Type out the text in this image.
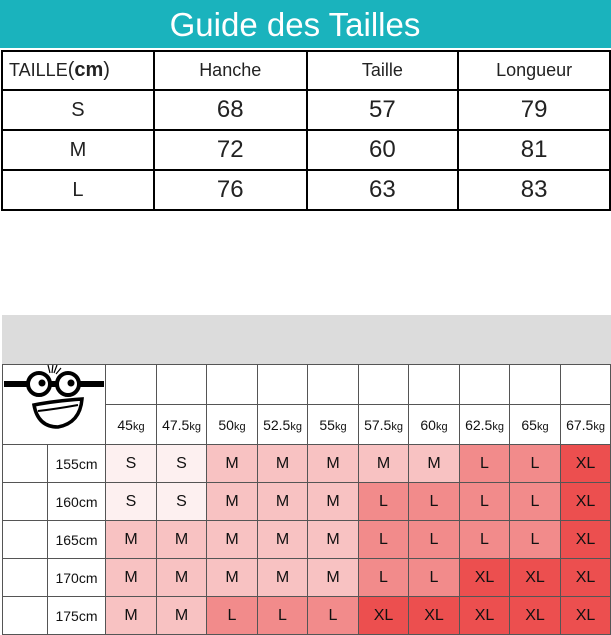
Guide des Tailles
TAILLE(cm)	Hanche	Taille	Longueur
S	68	57	79
M	72	60	81
L	76	63	83

		45kg	47.5kg	50kg	52.5kg	55kg	57.5kg	60kg	62.5kg	65kg	67.5kg
	155cm	S	S	M	M	M	M	M	L	L	XL
	160cm	S	S	M	M	M	L	L	L	L	XL
	165cm	M	M	M	M	M	L	L	L	L	XL
	170cm	M	M	M	M	M	L	L	XL	XL	XL
	175cm	M	M	L	L	L	XL	XL	XL	XL	XL
